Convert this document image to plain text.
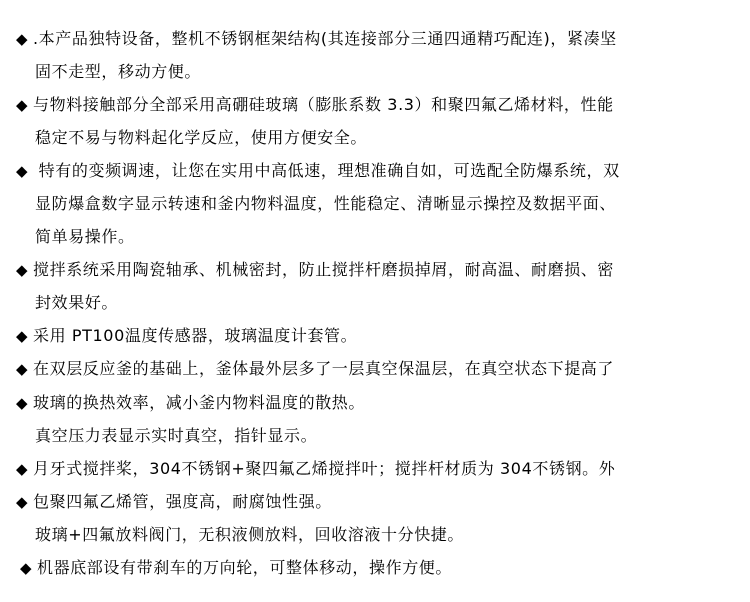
◆ .本产品独特设备，整机不锈钢框架结构(其连接部分三通四通精巧配连)，紧凑坚
固不走型，移动方便。
◆ 与物料接触部分全部采用高硼硅玻璃（膨胀系数 3.3）和聚四氟乙烯材料，性能
稳定不易与物料起化学反应，使用方便安全。
◆ 特有的变频调速，让您在实用中高低速，理想准确自如，可选配全防爆系统，双
显防爆盒数字显示转速和釜内物料温度，性能稳定、清晰显示操控及数据平面、
简单易操作。
◆ 搅拌系统采用陶瓷轴承、机械密封，防止搅拌杆磨损掉屑，耐高温、耐磨损、密
封效果好。
◆ 采用 PT100温度传感器，玻璃温度计套管。
◆ 在双层反应釜的基础上，釜体最外层多了一层真空保温层，在真空状态下提高了
◆ 玻璃的换热效率，减小釜内物料温度的散热。
真空压力表显示实时真空，指针显示。
◆ 月牙式搅拌桨，304不锈钢+聚四氟乙烯搅拌叶；搅拌杆材质为 304不锈钢。外
◆ 包聚四氟乙烯管，强度高，耐腐蚀性强。
玻璃+四氟放料阀门，无积液侧放料，回收溶液十分快捷。
◆ 机器底部设有带刹车的万向轮，可整体移动，操作方便。
